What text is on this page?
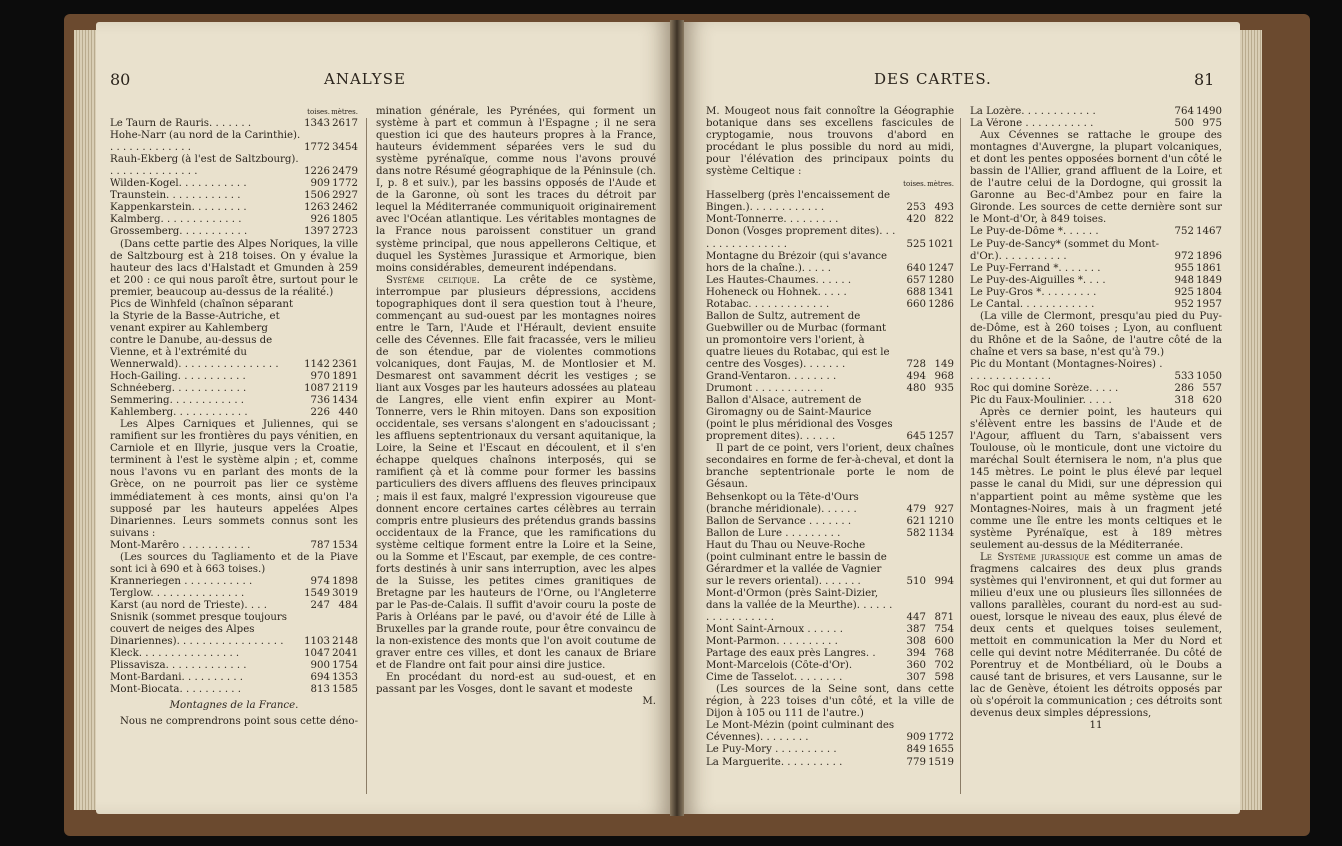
80	ANALYSE
	toises.	mètres.
Le Taurn de Rauris. . . . . . .	1343	2617
Hohe-Narr (au nord de la Carinthie). . . . . . . . . . . . . .	1772	3454
Rauh-Ekberg (à l'est de Saltzbourg). . . . . . . . . . . . . . .	1226	2479
Wilden-Kogel. . . . . . . . . . .	909	1772
Traunstein. . . . . . . . . . . .	1506	2927
Kappenkarstein. . . . . . . . .	1263	2462
Kalmberg. . . . . . . . . . . . .	926	1805
Grossemberg. . . . . . . . . . .	1397	2723

(Dans cette partie des Alpes Noriques, la ville de Saltzbourg est à 218 toises. On y évalue la hauteur des lacs d'Halstadt et Gmunden à 259 et 200 : ce qui nous paroît être, surtout pour le premier, beaucoup au-dessus de la réalité.)

Pics de Winhfeld (chaînon séparant la Styrie de la Basse-Autriche, et venant expirer au Kahlemberg contre le Danube, au-dessus de Vienne, et à l'extrémité du Wennerwald). . . . . . . . . . . . . . . .	1142	2361
Hoch-Gailing. . . . . . . . . . .	970	1891
Schnéeberg. . . . . . . . . . . .	1087	2119
Semmering. . . . . . . . . . . .	736	1434
Kahlemberg. . . . . . . . . . . .	226	440

Les Alpes Carniques et Juliennes, qui se ramifient sur les frontières du pays vénitien, en Carniole et en Illyrie, jusque vers la Croatie, terminent à l'est le système alpin ; et, comme nous l'avons vu en parlant des monts de la Grèce, on ne pourroit pas lier ce système immédiatement à ces monts, ainsi qu'on l'a supposé par les hauteurs appelées Alpes Dinariennes. Leurs sommets connus sont les suivans :

Mont-Marêro . . . . . . . . . . .	787	1534

(Les sources du Tagliamento et de la Piave sont ici à 690 et à 663 toises.)

Kranneriegen . . . . . . . . . . .	974	1898
Terglow. . . . . . . . . . . . . . .	1549	3019
Karst (au nord de Trieste). . . .	247	484
Snisnik (sommet presque toujours couvert de neiges des Alpes Dinariennes). . . . . . . . . . . . . . . . .	1103	2148
Kleck. . . . . . . . . . . . . . . .	1047	2041
Plissavisza. . . . . . . . . . . . .	900	1754
Mont-Bardani. . . . . . . . . .	694	1353
Mont-Biocata. . . . . . . . . .	813	1585

Montagnes de la France.

Nous ne comprendrons point sous cette déno-

mination générale, les Pyrénées, qui forment un système à part et commun à l'Espagne ; il ne sera question ici que des hauteurs propres à la France, hauteurs évidemment séparées vers le sud du système pyrénaïque, comme nous l'avons prouvé dans notre Résumé géographique de la Péninsule (ch. I, p. 8 et suiv.), par les bassins opposés de l'Aude et de la Garonne, où sont les traces du détroit par lequel la Méditerranée communiquoit originairement avec l'Océan atlantique. Les véritables montagnes de la France nous paroissent constituer un grand système principal, que nous appellerons Celtique, et duquel les Systèmes Jurassique et Armorique, bien moins considérables, demeurent indépendans.

Système celtique. La crête de ce système, interrompue par plusieurs dépressions, accidens topographiques dont il sera question tout à l'heure, commençant au sud-ouest par les montagnes noires entre le Tarn, l'Aude et l'Hérault, devient ensuite celle des Cévennes. Elle fait fracassée, vers le milieu de son étendue, par de violentes commotions volcaniques, dont Faujas, M. de Montlosier et M. Desmarest ont savamment décrit les vestiges ; se liant aux Vosges par les hauteurs adossées au plateau de Langres, elle vient enfin expirer au Mont-Tonnerre, vers le Rhin mitoyen. Dans son exposition occidentale, ses versans s'alongent en s'adoucissant ; les affluens septentrionaux du versant aquitanique, la Loire, la Seine et l'Escaut en découlent, et il s'en échappe quelques chaînons interposés, qui se ramifient çà et là comme pour former les bassins particuliers des divers affluens des fleuves principaux ; mais il est faux, malgré l'expression vigoureuse que donnent encore certaines cartes célèbres au terrain compris entre plusieurs des prétendus grands bassins occidentaux de la France, que les ramifications du système celtique forment entre la Loire et la Seine, ou la Somme et l'Escaut, par exemple, de ces contre-forts destinés à unir sans interruption, avec les alpes de la Suisse, les petites cimes granitiques de Bretagne par les hauteurs de l'Orne, ou l'Angleterre par le Pas-de-Calais. Il suffit d'avoir couru la poste de Paris à Orléans par le pavé, ou d'avoir été de Lille à Bruxelles par la grande route, pour être convaincu de la non-existence des monts que l'on avoit coutume de graver entre ces villes, et dont les canaux de Briare et de Flandre ont fait pour ainsi dire justice.

En procédant du nord-est au sud-ouest, et en passant par les Vosges, dont le savant et modeste

M.

DES CARTES.	81

M. Mougeot nous fait connoître la Géographie botanique dans ses excellens fascicules de cryptogamie, nous trouvons d'abord en procédant le plus possible du nord au midi, pour l'élévation des principaux points du système Celtique :

	toises.	mètres.
Hasselberg (près l'encaissement de Bingen.). . . . . . . . . . . .	253	493
Mont-Tonnerre. . . . . . . . .	420	822
Donon (Vosges proprement dites). . . . . . . . . . . . . . . .	525	1021
Montagne du Brézoir (qui s'avance hors de la chaîne.). . . . .	640	1247
Les Hautes-Chaumes. . . . . .	657	1280
Hoheneck ou Hohnek. . . . .	688	1341
Rotabac. . . . . . . . . . . . .	660	1286
Ballon de Sultz, autrement de Guebwiller ou de Murbac (formant un promontoire vers l'orient, à quatre lieues du Rotabac, qui est le centre des Vosges). . . . . . .	728	149
Grand-Ventaron. . . . . . . .	494	968
Drumont . . . . . . . . . . .	480	935
Ballon d'Alsace, autrement de Giromagny ou de Saint-Maurice (point le plus méridional des Vosges proprement dites). . . . . .	645	1257

Il part de ce point, vers l'orient, deux chaînes secondaires en forme de fer-à-cheval, et dont la branche septentrionale porte le nom de Gésaun.

Behsenkopt ou la Tête-d'Ours (branche méridionale). . . . . .	479	927
Ballon de Servance . . . . . . .	621	1210
Ballon de Lure . . . . . . . . .	582	1134
Haut du Thau ou Neuve-Roche (point culminant entre le bassin de Gérardmer et la vallée de Vagnier sur le revers oriental). . . . . . .	510	994
Mont-d'Ormon (près Saint-Dizier, dans la vallée de la Meurthe). . . . . . . . . . . . . . . . .	447	871
Mont Saint-Arnoux . . . . . .	387	754
Mont-Parmon. . . . . . . . . .	308	600
Partage des eaux près Langres. .	394	768
Mont-Marcelois (Côte-d'Or).	360	702
Cime de Tasselot. . . . . . . .	307	598

(Les sources de la Seine sont, dans cette région, à 223 toises d'un côté, et la ville de Dijon à 105 ou 111 de l'autre.)

Le Mont-Mézin (point culminant des Cévennes). . . . . . . .	909	1772
Le Puy-Mory . . . . . . . . . .	849	1655
La Marguerite. . . . . . . . . .	779	1519
La Lozère. . . . . . . . . . . .	764	1490
La Vérone . . . . . . . . . . .	500	975

Aux Cévennes se rattache le groupe des montagnes d'Auvergne, la plupart volcaniques, et dont les pentes opposées bornent d'un côté le bassin de l'Allier, grand affluent de la Loire, et de l'autre celui de la Dordogne, qui grossit la Garonne au Bec-d'Ambez pour en faire la Gironde. Les sources de cette dernière sont sur le Mont-d'Or, à 849 toises.

Le Puy-de-Dôme *. . . . . .	752	1467
Le Puy-de-Sancy* (sommet du Mont-d'Or.). . . . . . . . . . .	972	1896
Le Puy-Ferrand *. . . . . . .	955	1861
Le Puy-des-Aiguilles *. . . .	948	1849
Le Puy-Gros *. . . . . . . . .	925	1804
Le Cantal. . . . . . . . . . . .	952	1957

(La ville de Clermont, presqu'au pied du Puy-de-Dôme, est à 260 toises ; Lyon, au confluent du Rhône et de la Saône, de l'autre côté de la chaîne et vers sa base, n'est qu'à 79.)

Pic du Montant (Montagnes-Noires) . . . . . . . . . . . . . .	533	1050
Roc qui domine Sorèze. . . . .	286	557
Pic du Faux-Moulinier. . . . .	318	620

Après ce dernier point, les hauteurs qui s'élèvent entre les bassins de l'Aude et de l'Agour, affluent du Tarn, s'abaissent vers Toulouse, où le monticule, dont une victoire du maréchal Soult éternisera le nom, n'a plus que 145 mètres. Le point le plus élevé par lequel passe le canal du Midi, sur une dépression qui n'appartient point au même système que les Montagnes-Noires, mais à un fragment jeté comme une île entre les monts celtiques et le système Pyrénaïque, est à 189 mètres seulement au-dessus de la Méditerranée.

Le Système jurassique est comme un amas de fragmens calcaires des deux plus grands systèmes qui l'environnent, et qui dut former au milieu d'eux une ou plusieurs îles sillonnées de vallons parallèles, courant du nord-est au sud-ouest, lorsque le niveau des eaux, plus élevé de deux cents et quelques toises seulement, mettoit en communication la Mer du Nord et celle qui devint notre Méditerranée. Du côté de Porentruy et de Montbéliard, où le Doubs a causé tant de brisures, et vers Lausanne, sur le lac de Genève, étoient les détroits opposés par où s'opéroit la communication ; ces détroits sont devenus deux simples dépressions,

11
